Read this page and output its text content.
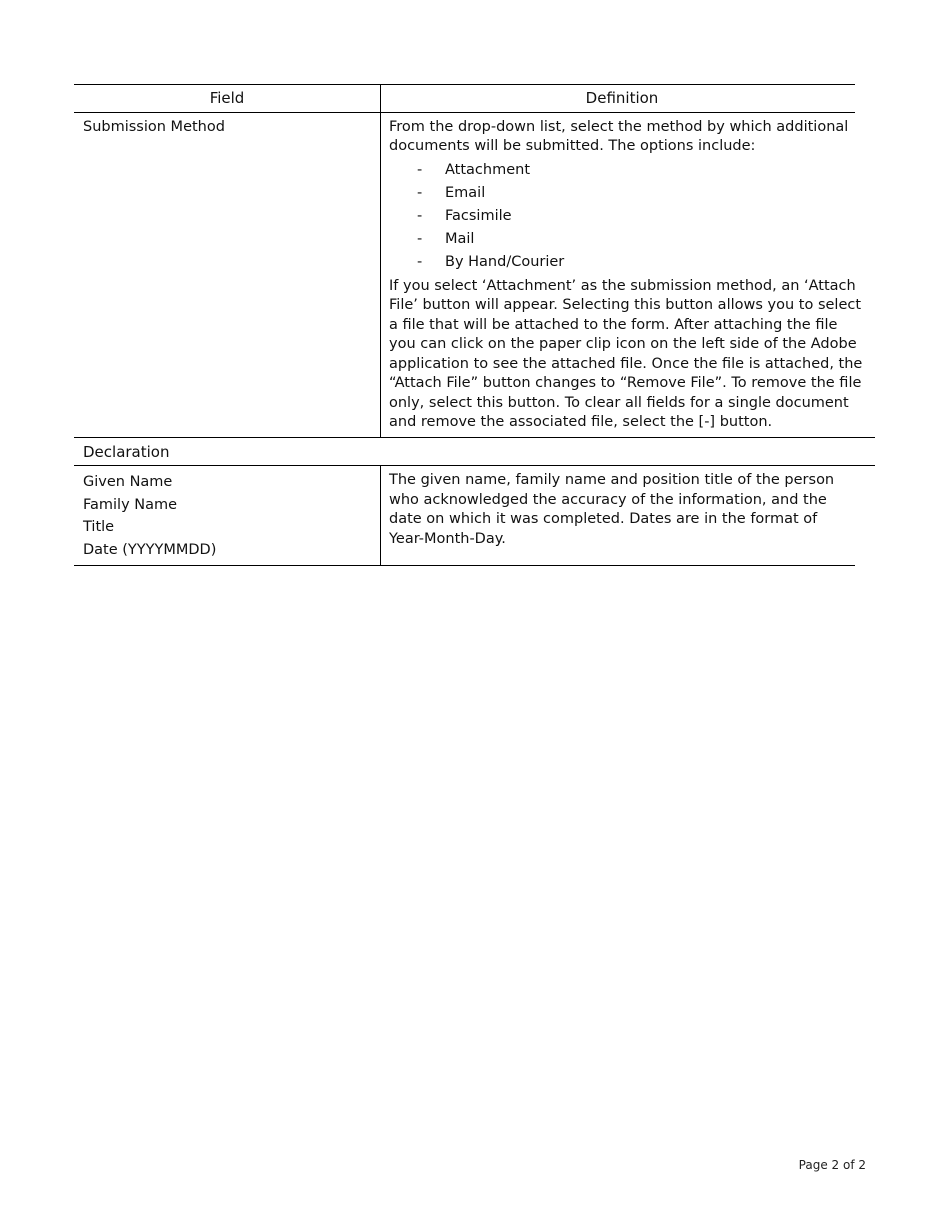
Field	Definition
Submission Method	From the drop-down list, select the method by which additional documents will be submitted. The options include:
- Attachment
- Email
- Facsimile
- Mail
- By Hand/Courier
If you select ‘Attachment’ as the submission method, an ‘Attach File’ button will appear. Selecting this button allows you to select a file that will be attached to the form. After attaching the file you can click on the paper clip icon on the left side of the Adobe application to see the attached file. Once the file is attached, the “Attach File” button changes to “Remove File”. To remove the file only, select this button. To clear all fields for a single document and remove the associated file, select the [-] button.
Declaration
Given Name
Family Name
Title
Date (YYYYMMDD)
The given name, family name and position title of the person who acknowledged the accuracy of the information, and the date on which it was completed. Dates are in the format of Year-Month-Day.
Page 2 of 2
